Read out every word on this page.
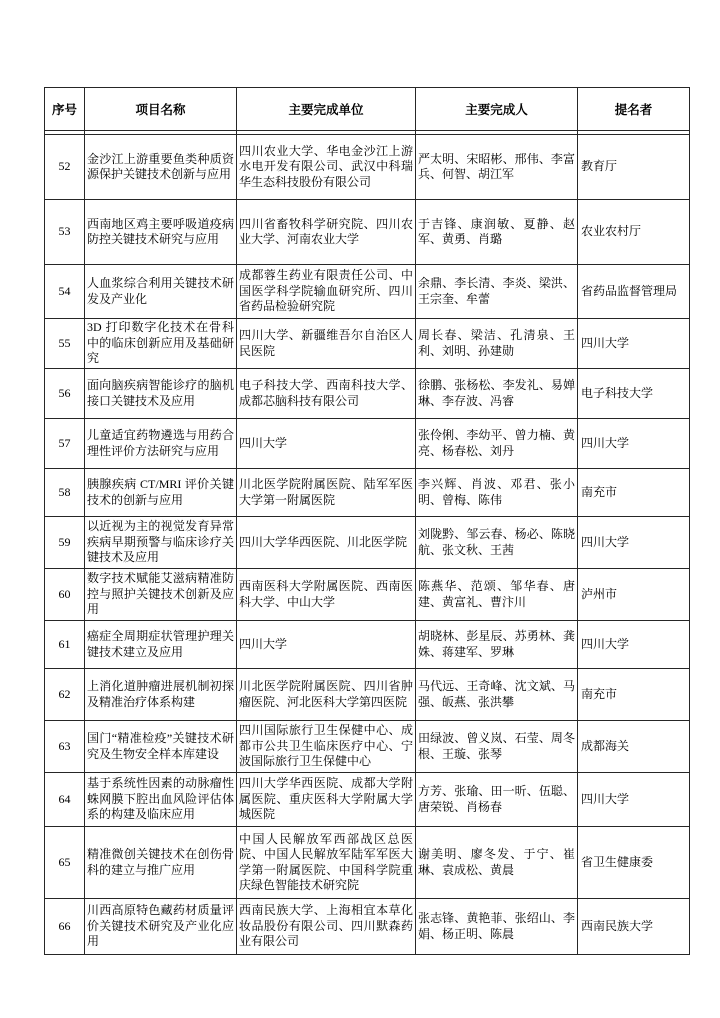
序号	项目名称	主要完成单位	主要完成人	提名者

52	金沙江上游重要鱼类种质资源保护关键技术创新与应用	四川农业大学、华电金沙江上游水电开发有限公司、武汉中科瑞华生态科技股份有限公司	严太明、宋昭彬、邢伟、李富兵、何智、胡江军	教育厅
53	西南地区鸡主要呼吸道疫病防控关键技术研究与应用	四川省畜牧科学研究院、四川农业大学、河南农业大学	于吉锋、康润敏、夏静、赵军、黄勇、肖璐	农业农村厅
54	人血浆综合利用关键技术研发及产业化	成都蓉生药业有限责任公司、中国医学科学院输血研究所、四川省药品检验研究院	余鼎、李长清、李炎、梁洪、王宗奎、牟蕾	省药品监督管理局
55	3D 打印数字化技术在骨科中的临床创新应用及基础研究	四川大学、新疆维吾尔自治区人民医院	周长春、梁洁、孔清泉、王利、刘明、孙建勋	四川大学
56	面向脑疾病智能诊疗的脑机接口关键技术及应用	电子科技大学、西南科技大学、成都芯脑科技有限公司	徐鹏、张杨松、李发礼、易婵琳、李存波、冯睿	电子科技大学
57	儿童适宜药物遴选与用药合理性评价方法研究与应用	四川大学	张伶俐、李幼平、曾力楠、黄亮、杨春松、刘丹	四川大学
58	胰腺疾病 CT/MRI 评价关键技术的创新与应用	川北医学院附属医院、陆军军医大学第一附属医院	李兴辉、肖波、邓君、张小明、曾梅、陈伟	南充市
59	以近视为主的视觉发育异常疾病早期预警与临床诊疗关键技术及应用	四川大学华西医院、川北医学院	刘陇黔、邹云春、杨必、陈晓航、张文秋、王茜	四川大学
60	数字技术赋能艾滋病精准防控与照护关键技术创新及应用	西南医科大学附属医院、西南医科大学、中山大学	陈燕华、范颂、邹华春、唐建、黄富礼、曹汴川	泸州市
61	癌症全周期症状管理护理关键技术建立及应用	四川大学	胡晓林、彭星辰、苏勇林、龚姝、蒋建军、罗琳	四川大学
62	上消化道肿瘤进展机制初探及精准治疗体系构建	川北医学院附属医院、四川省肿瘤医院、河北医科大学第四医院	马代远、王奇峰、沈文斌、马强、皈燕、张洪攀	南充市
63	国门“精准检疫”关键技术研究及生物安全样本库建设	四川国际旅行卫生保健中心、成都市公共卫生临床医疗中心、宁波国际旅行卫生保健中心	田绿波、曾义岚、石莹、周冬根、王璇、张琴	成都海关
64	基于系统性因素的动脉瘤性蛛网膜下腔出血风险评估体系的构建及临床应用	四川大学华西医院、成都大学附属医院、重庆医科大学附属大学城医院	方芳、张瑜、田一昕、伍聪、唐荣锐、肖杨春	四川大学
65	精准微创关键技术在创伤骨科的建立与推广应用	中国人民解放军西部战区总医院、中国人民解放军陆军军医大学第一附属医院、中国科学院重庆绿色智能技术研究院	谢美明、廖冬发、于宁、崔琳、袁成松、黄晨	省卫生健康委
66	川西高原特色藏药材质量评价关键技术研究及产业化应用	西南民族大学、上海相宜本草化妆品股份有限公司、四川默森药业有限公司	张志锋、黄艳菲、张绍山、李娟、杨正明、陈晨	西南民族大学
